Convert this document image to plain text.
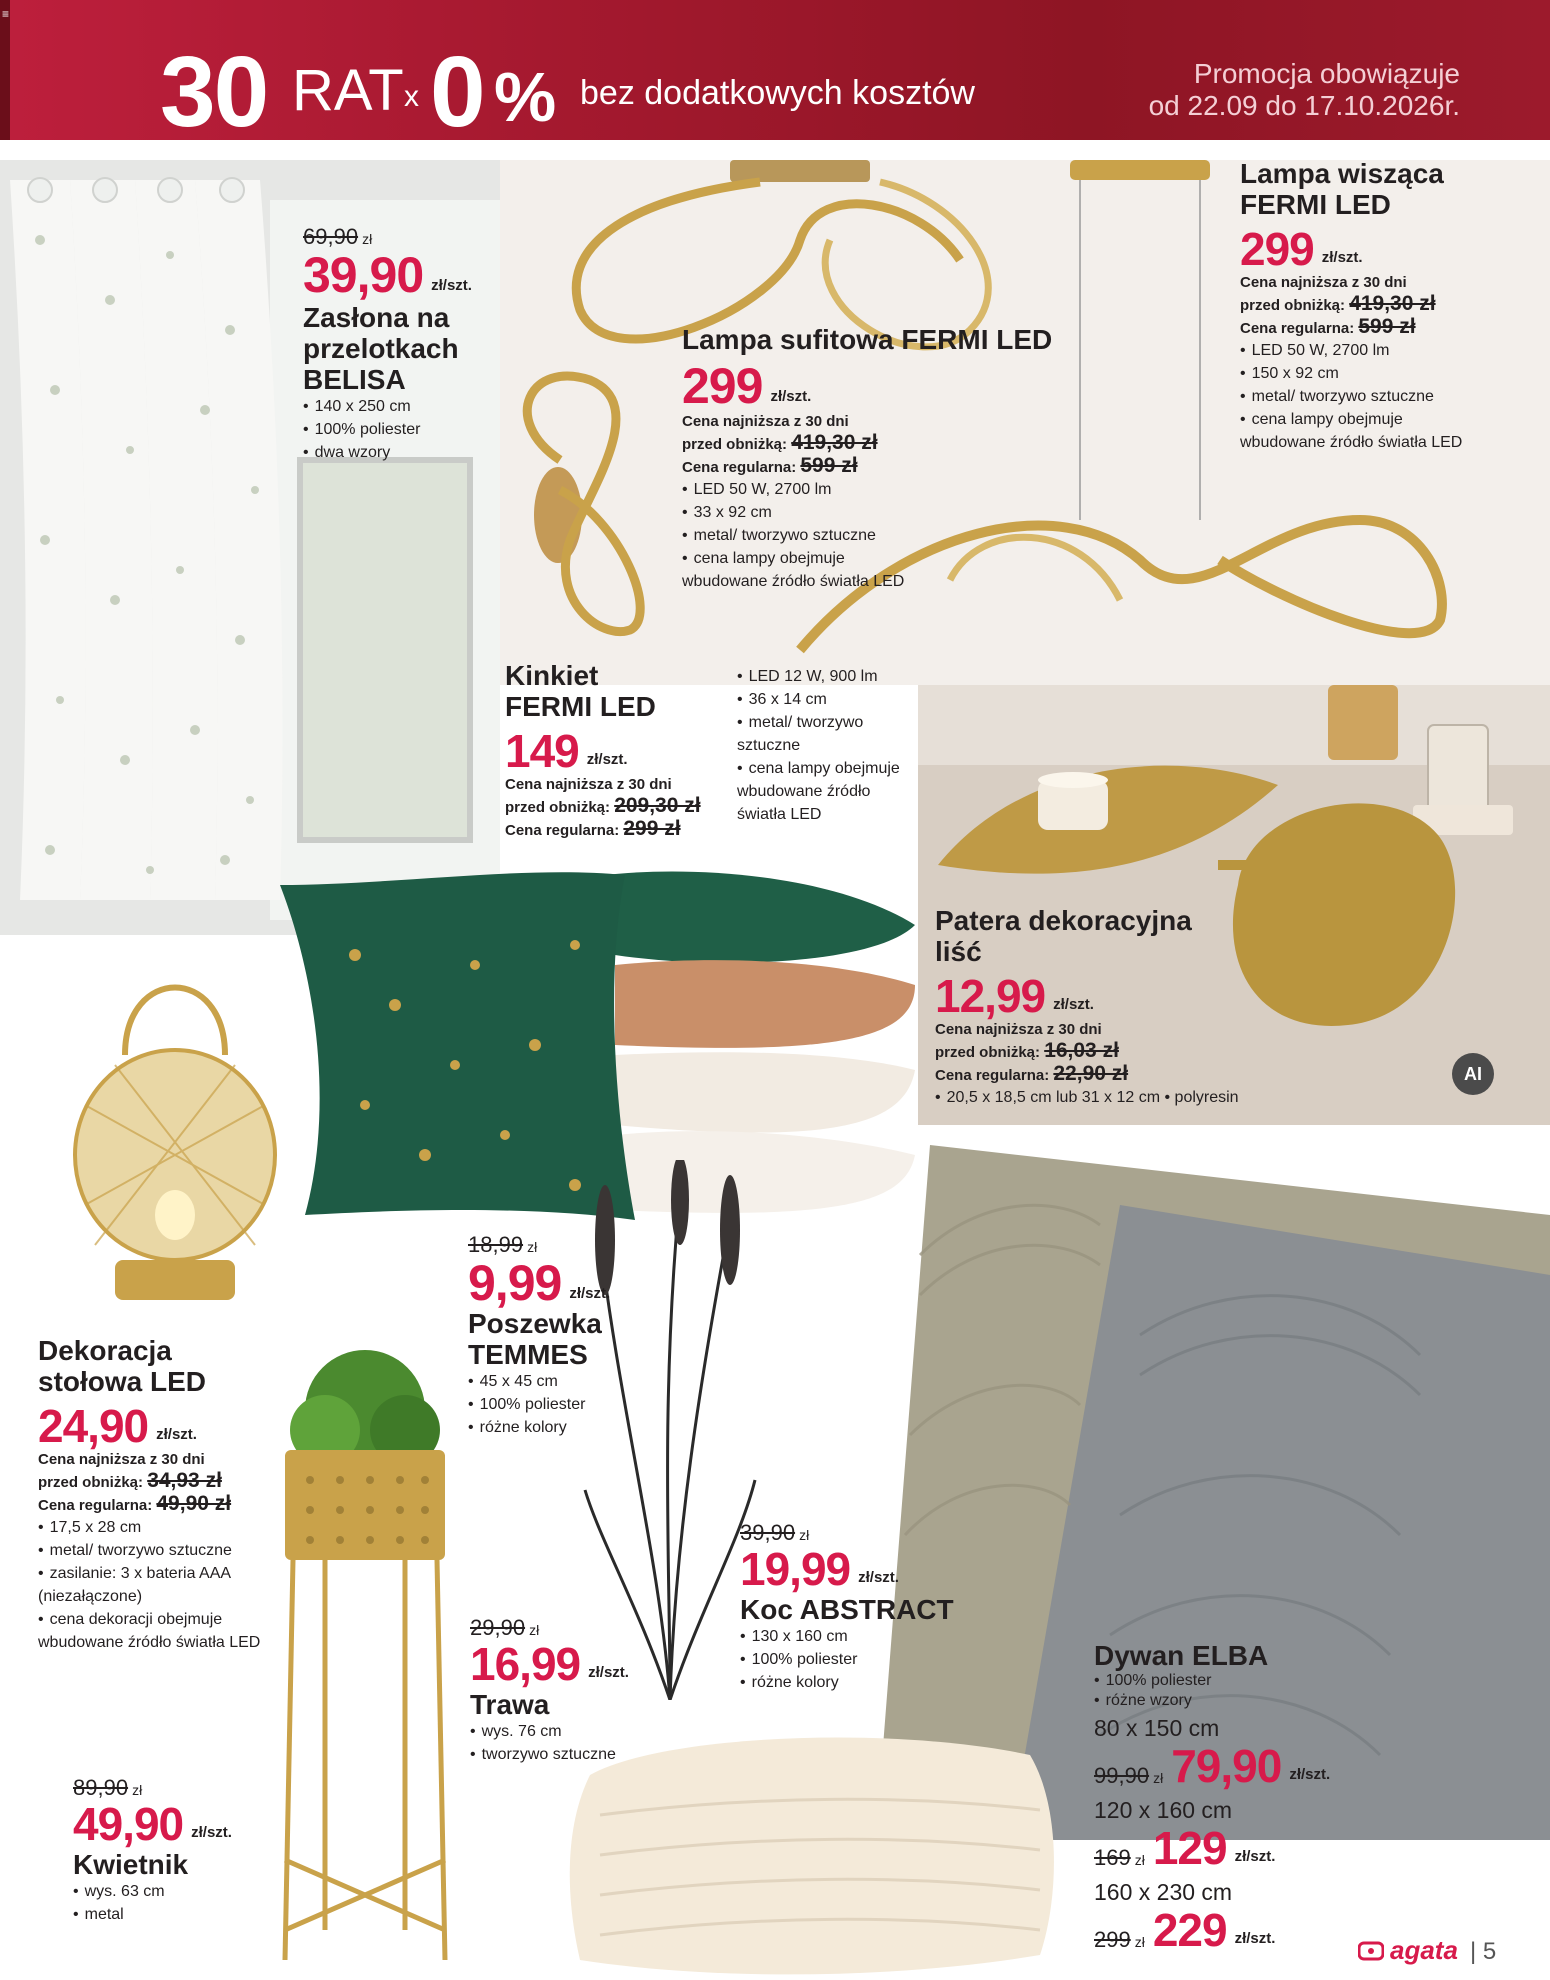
≡
30 RAT x 0 % bez dodatkowych kosztów
Promocja obowiązuje
od 22.09 do 17.10.2026r.
AI
69,90 zł
39,90 zł/szt.
Zasłona na przelotkach BELISA
• 140 x 250 cm
• 100% poliester
• dwa wzory
Lampa sufitowa FERMI LED
299 zł/szt.
Cena najniższa z 30 dni
przed obniżką: 419,30 zł
Cena regularna: 599 zł
• LED 50 W, 2700 lm
• 33 x 92 cm
• metal/ tworzywo sztuczne
• cena lampy obejmuje wbudowane źródło światła LED
Lampa wisząca FERMI LED
299 zł/szt.
Cena najniższa z 30 dni
przed obniżką: 419,30 zł
Cena regularna: 599 zł
• LED 50 W, 2700 lm
• 150 x 92 cm
• metal/ tworzywo sztuczne
• cena lampy obejmuje wbudowane źródło światła LED
Kinkiet FERMI LED
149 zł/szt.
Cena najniższa z 30 dni
przed obniżką: 209,30 zł
Cena regularna: 299 zł
• LED 12 W, 900 lm
• 36 x 14 cm
• metal/ tworzywo sztuczne
• cena lampy obejmuje wbudowane źródło światła LED
Patera dekoracyjna liść
12,99 zł/szt.
Cena najniższa z 30 dni
przed obniżką: 16,03 zł
Cena regularna: 22,90 zł
• 20,5 x 18,5 cm lub 31 x 12 cm • polyresin
Dekoracja stołowa LED
24,90 zł/szt.
Cena najniższa z 30 dni
przed obniżką: 34,93 zł
Cena regularna: 49,90 zł
• 17,5 x 28 cm
• metal/ tworzywo sztuczne
• zasilanie: 3 x bateria AAA (niezałączone)
• cena dekoracji obejmuje wbudowane źródło światła LED
18,99 zł
9,99 zł/szt.
Poszewka TEMMES
• 45 x 45 cm
• 100% poliester
• różne kolory
39,90 zł
19,99 zł/szt.
Koc ABSTRACT
• 130 x 160 cm
• 100% poliester
• różne kolory
29,90 zł
16,99 zł/szt.
Trawa
• wys. 76 cm
• tworzywo sztuczne
89,90 zł
49,90 zł/szt.
Kwietnik
• wys. 63 cm
• metal
Dywan ELBA
• 100% poliester
• różne wzory
80 x 150 cm
99,90 zł 79,90 zł/szt.
120 x 160 cm
169 zł 129 zł/szt.
160 x 230 cm
299 zł 229 zł/szt.	agata | 5
